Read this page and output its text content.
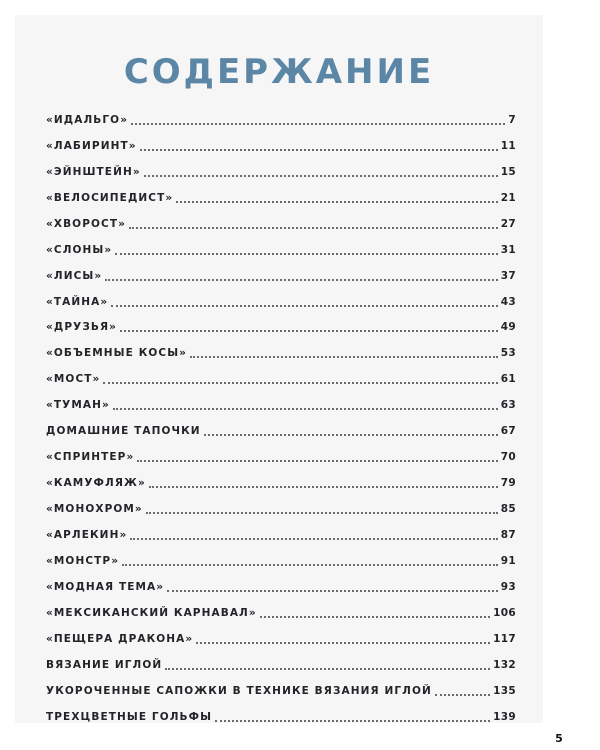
СОДЕРЖАНИЕ
«ИДАЛЬГО»	7
«ЛАБИРИНТ»	11
«ЭЙНШТЕЙН»	15
«ВЕЛОСИПЕДИСТ»	21
«ХВОРОСТ»	27
«СЛОНЫ»	31
«ЛИСЫ»	37
«ТАЙНА»	43
«ДРУЗЬЯ»	49
«ОБЪЕМНЫЕ КОСЫ»	53
«МОСТ»	61
«ТУМАН»	63
ДОМАШНИЕ ТАПОЧКИ	67
«СПРИНТЕР»	70
«КАМУФЛЯЖ»	79
«МОНОХРОМ»	85
«АРЛЕКИН»	87
«МОНСТР»	91
«МОДНАЯ ТЕМА»	93
«МЕКСИКАНСКИЙ КАРНАВАЛ»	106
«ПЕЩЕРА ДРАКОНА»	117
ВЯЗАНИЕ ИГЛОЙ	132
УКОРОЧЕННЫЕ САПОЖКИ В ТЕХНИКЕ ВЯЗАНИЯ ИГЛОЙ	135
ТРЕХЦВЕТНЫЕ ГОЛЬФЫ	139
5
